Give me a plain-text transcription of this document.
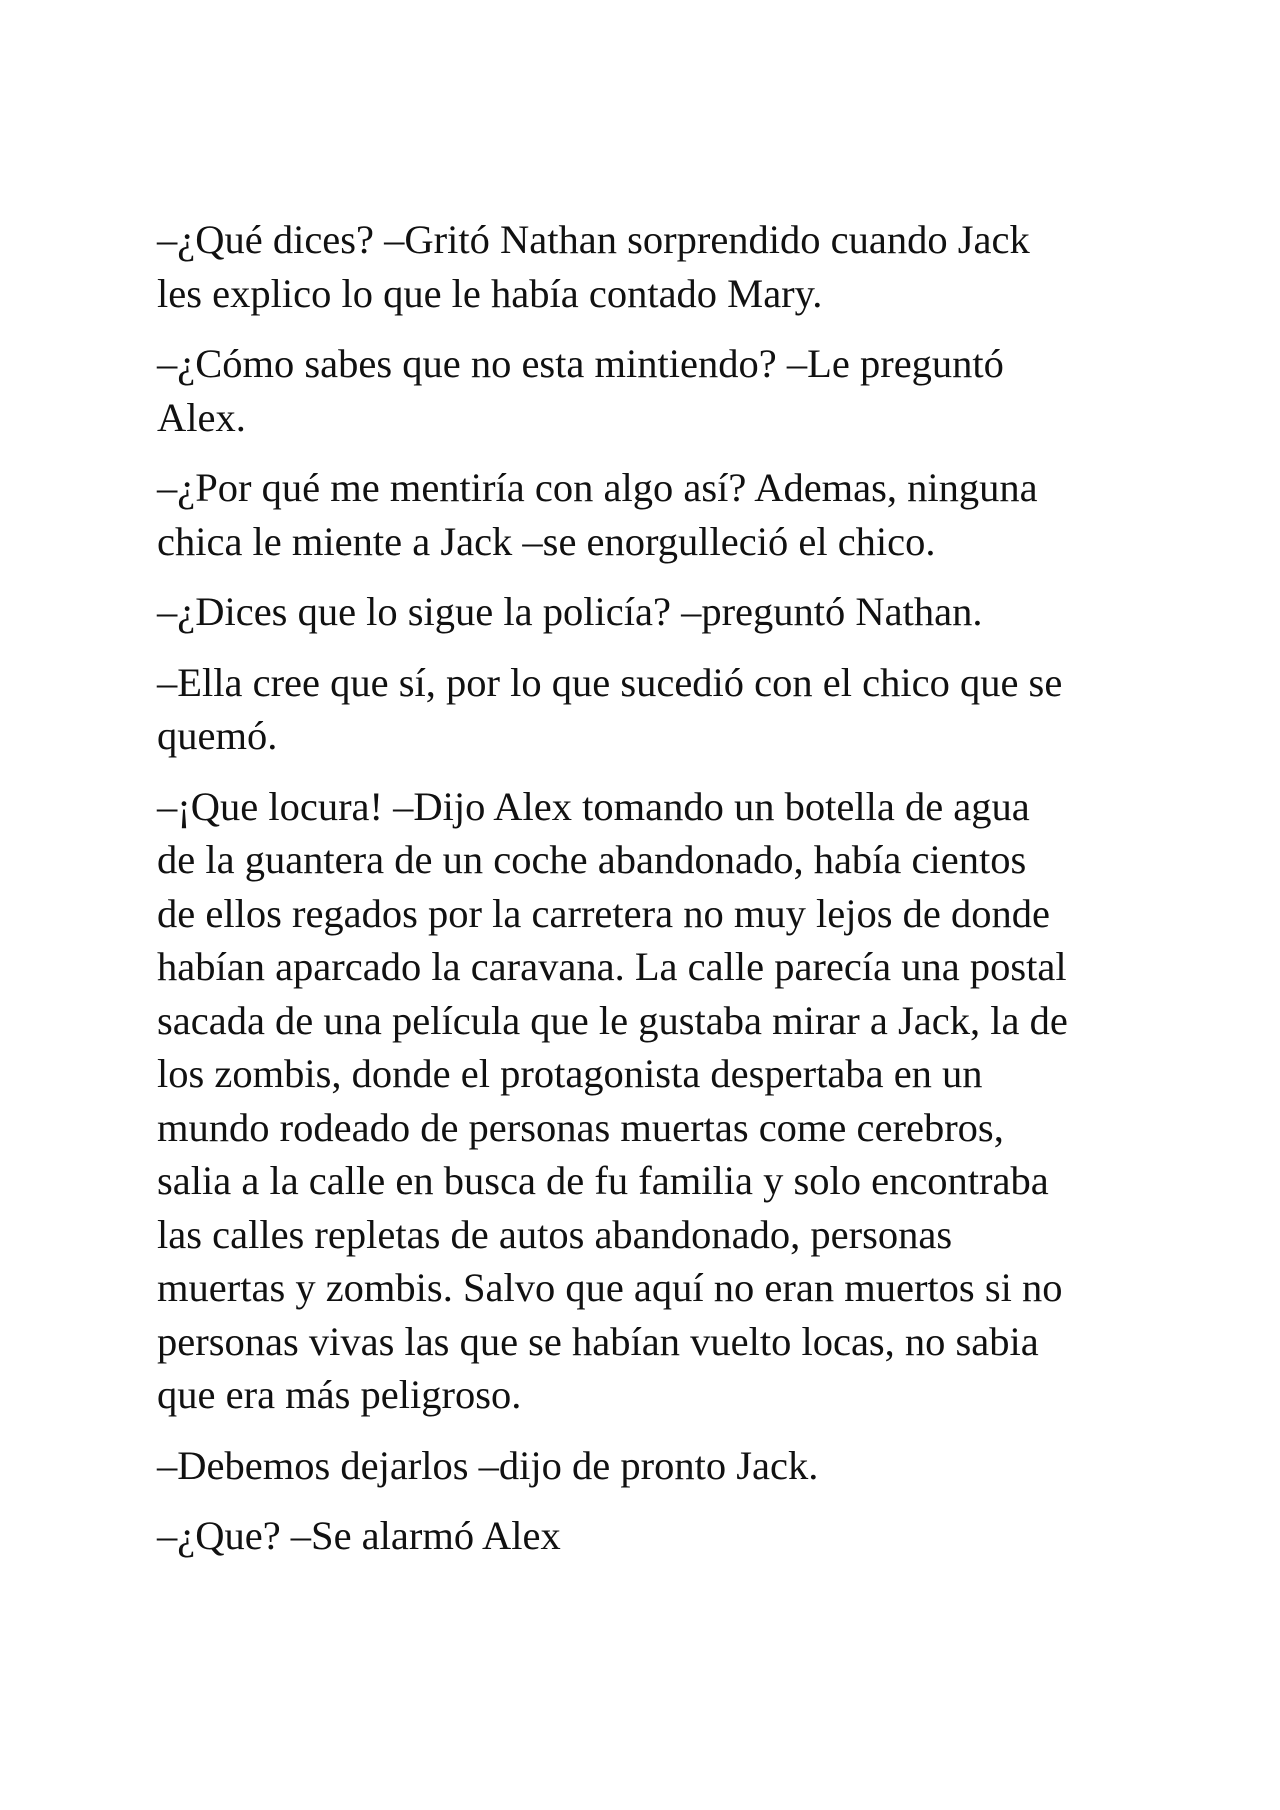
–¿Qué dices? –Gritó Nathan sorprendido cuando Jack
les explico lo que le había contado Mary.

–¿Cómo sabes que no esta mintiendo? –Le preguntó
Alex.

–¿Por qué me mentiría con algo así? Ademas, ninguna
chica le miente a Jack –se enorgulleció el chico.

–¿Dices que lo sigue la policía? –preguntó Nathan.

–Ella cree que sí, por lo que sucedió con el chico que se
quemó.

–¡Que locura! –Dijo Alex tomando un botella de agua
de la guantera de un coche abandonado, había cientos
de ellos regados por la carretera no muy lejos de donde
habían aparcado la caravana. La calle parecía una postal
sacada de una película que le gustaba mirar a Jack, la de
los zombis, donde el protagonista despertaba en un
mundo rodeado de personas muertas come cerebros,
salia a la calle en busca de fu familia y solo encontraba
las calles repletas de autos abandonado, personas
muertas y zombis. Salvo que aquí no eran muertos si no
personas vivas las que se habían vuelto locas, no sabia
que era más peligroso.

–Debemos dejarlos –dijo de pronto Jack.

–¿Que? –Se alarmó Alex
